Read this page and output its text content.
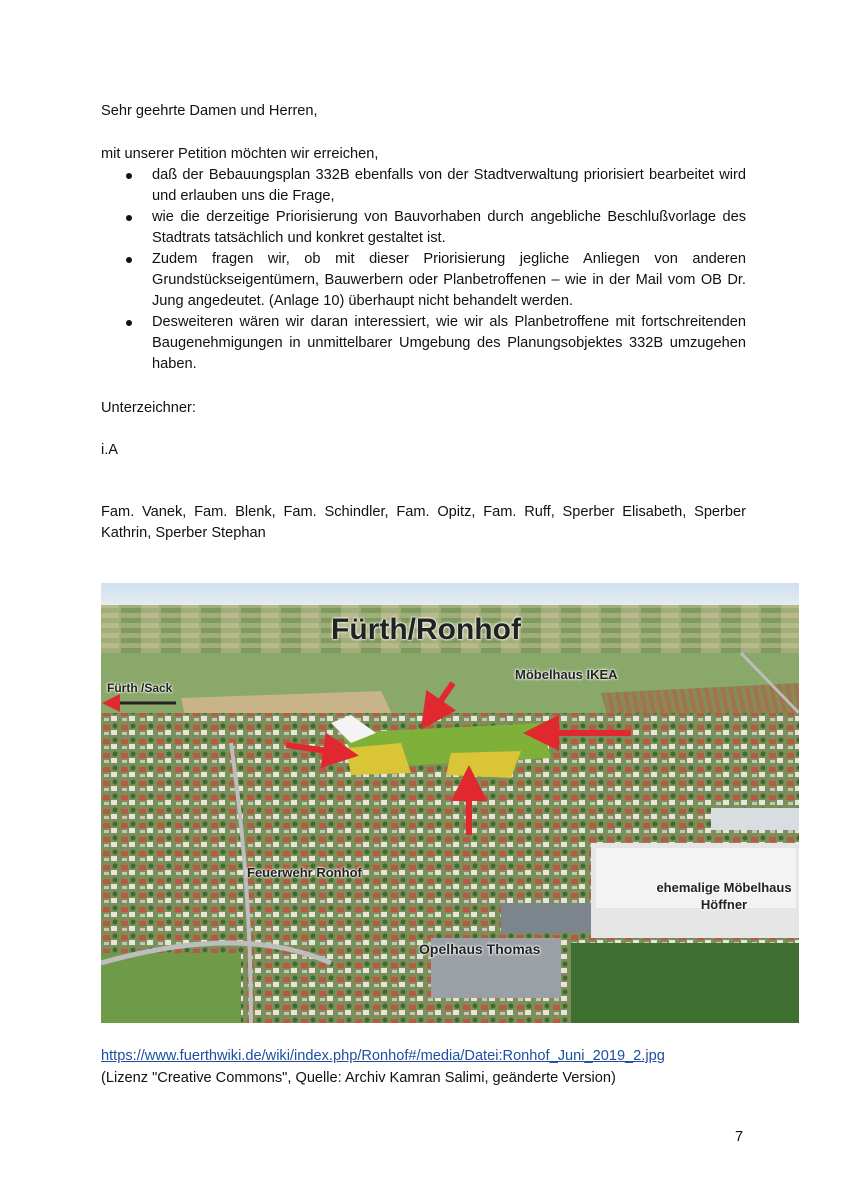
Sehr geehrte Damen und Herren,
mit unserer Petition möchten wir erreichen,
daß der Bebauungsplan 332B ebenfalls von der Stadtverwaltung priorisiert bearbeitet wird und erlauben uns die Frage,
wie die derzeitige Priorisierung von Bauvorhaben durch angebliche Beschlußvorlage des Stadtrats tatsächlich und konkret gestaltet ist.
Zudem fragen wir, ob mit dieser Priorisierung jegliche Anliegen von anderen Grundstückseigentümern, Bauwerbern oder Planbetroffenen – wie in der Mail vom OB Dr. Jung angedeutet. (Anlage 10) überhaupt nicht behandelt werden.
Desweiteren wären wir daran interessiert, wie wir als Planbetroffene mit fortschreitenden Baugenehmigungen in unmittelbarer Umgebung des Planungsobjektes 332B umzugehen haben.
Unterzeichner:
i.A
Fam. Vanek, Fam. Blenk, Fam. Schindler, Fam. Opitz, Fam. Ruff, Sperber Elisabeth, Sperber Kathrin, Sperber Stephan
Fürth/Ronhof
Fürth /Sack
Möbelhaus IKEA
Feuerwehr Ronhof
ehemalige Möbelhaus Höffner
Opelhaus Thomas
https://www.fuerthwiki.de/wiki/index.php/Ronhof#/media/Datei:Ronhof_Juni_2019_2.jpg
(Lizenz "Creative Commons", Quelle: Archiv Kamran Salimi, geänderte Version)
7
